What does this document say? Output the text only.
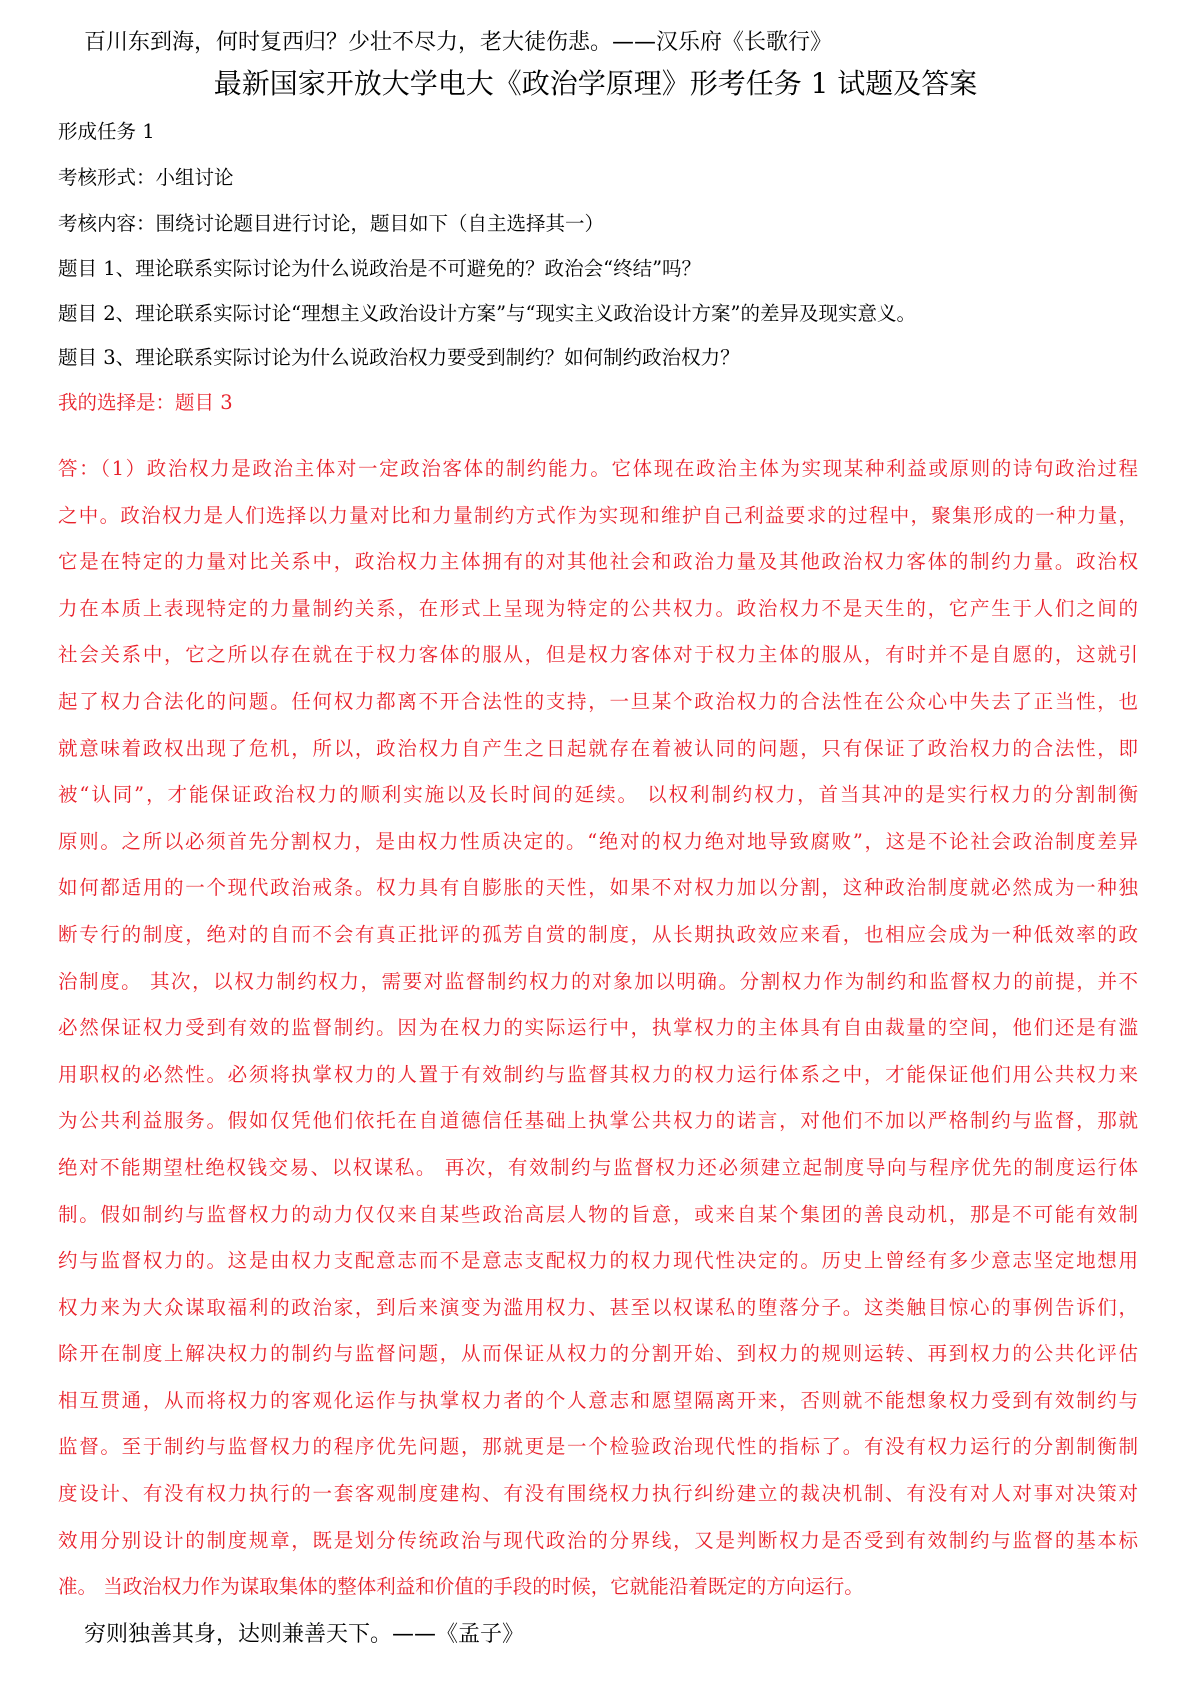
百川东到海，何时复西归？少壮不尽力，老大徒伤悲。——汉乐府《长歌行》
最新国家开放大学电大《政治学原理》形考任务 1 试题及答案
形成任务 1
考核形式：小组讨论
考核内容：围绕讨论题目进行讨论，题目如下（自主选择其一）
题目 1、理论联系实际讨论为什么说政治是不可避免的？政治会“终结”吗？
题目 2、理论联系实际讨论“理想主义政治设计方案”与“现实主义政治设计方案”的差异及现实意义。
题目 3、理论联系实际讨论为什么说政治权力要受到制约？如何制约政治权力？
我的选择是：题目 3
答：（1）政治权力是政治主体对一定政治客体的制约能力。它体现在政治主体为实现某种利益或原则的诗句政治过程
之中。政治权力是人们选择以力量对比和力量制约方式作为实现和维护自己利益要求的过程中，聚集形成的一种力量，
它是在特定的力量对比关系中，政治权力主体拥有的对其他社会和政治力量及其他政治权力客体的制约力量。政治权
力在本质上表现特定的力量制约关系，在形式上呈现为特定的公共权力。政治权力不是天生的，它产生于人们之间的
社会关系中，它之所以存在就在于权力客体的服从，但是权力客体对于权力主体的服从，有时并不是自愿的，这就引
起了权力合法化的问题。任何权力都离不开合法性的支持，一旦某个政治权力的合法性在公众心中失去了正当性，也
就意味着政权出现了危机，所以，政治权力自产生之日起就存在着被认同的问题，只有保证了政治权力的合法性，即
被“认同”，才能保证政治权力的顺利实施以及长时间的延续。 以权利制约权力，首当其冲的是实行权力的分割制衡
原则。之所以必须首先分割权力，是由权力性质决定的。“绝对的权力绝对地导致腐败”，这是不论社会政治制度差异
如何都适用的一个现代政治戒条。权力具有自膨胀的天性，如果不对权力加以分割，这种政治制度就必然成为一种独
断专行的制度，绝对的自而不会有真正批评的孤芳自赏的制度，从长期执政效应来看，也相应会成为一种低效率的政
治制度。 其次，以权力制约权力，需要对监督制约权力的对象加以明确。分割权力作为制约和监督权力的前提，并不
必然保证权力受到有效的监督制约。因为在权力的实际运行中，执掌权力的主体具有自由裁量的空间，他们还是有滥
用职权的必然性。必须将执掌权力的人置于有效制约与监督其权力的权力运行体系之中，才能保证他们用公共权力来
为公共利益服务。假如仅凭他们依托在自道德信任基础上执掌公共权力的诺言，对他们不加以严格制约与监督，那就
绝对不能期望杜绝权钱交易、以权谋私。 再次，有效制约与监督权力还必须建立起制度导向与程序优先的制度运行体
制。假如制约与监督权力的动力仅仅来自某些政治高层人物的旨意，或来自某个集团的善良动机，那是不可能有效制
约与监督权力的。这是由权力支配意志而不是意志支配权力的权力现代性决定的。历史上曾经有多少意志坚定地想用
权力来为大众谋取福利的政治家，到后来演变为滥用权力、甚至以权谋私的堕落分子。这类触目惊心的事例告诉们，
除开在制度上解决权力的制约与监督问题，从而保证从权力的分割开始、到权力的规则运转、再到权力的公共化评估
相互贯通，从而将权力的客观化运作与执掌权力者的个人意志和愿望隔离开来，否则就不能想象权力受到有效制约与
监督。至于制约与监督权力的程序优先问题，那就更是一个检验政治现代性的指标了。有没有权力运行的分割制衡制
度设计、有没有权力执行的一套客观制度建构、有没有围绕权力执行纠纷建立的裁决机制、有没有对人对事对决策对
效用分别设计的制度规章，既是划分传统政治与现代政治的分界线，又是判断权力是否受到有效制约与监督的基本标
准。 当政治权力作为谋取集体的整体利益和价值的手段的时候，它就能沿着既定的方向运行。
穷则独善其身，达则兼善天下。——《孟子》
